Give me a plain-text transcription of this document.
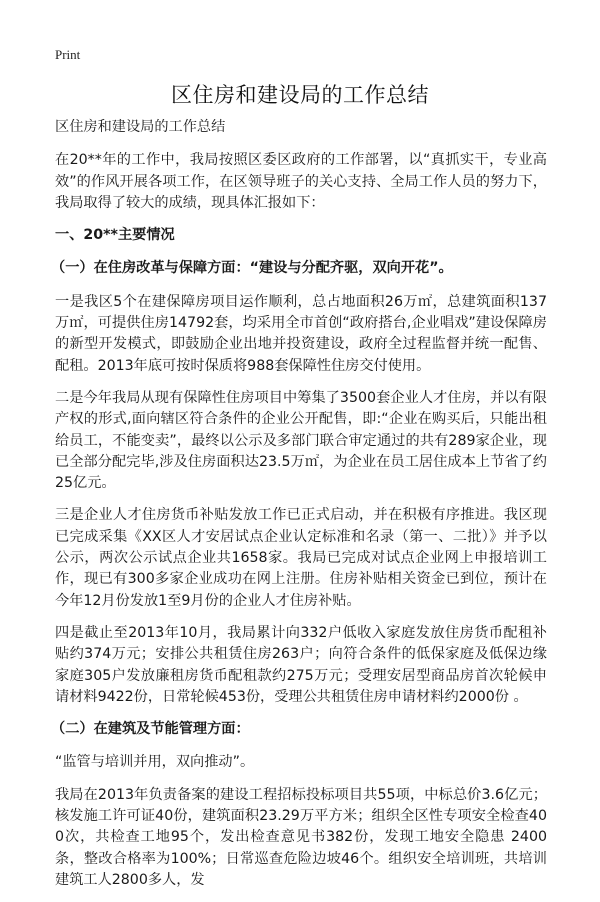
Print
区住房和建设局的工作总结

区住房和建设局的工作总结

在20**年的工作中，我局按照区委区政府的工作部署，以“真抓实干，专业高效”的作风开展各项工作，在区领导班子的关心支持、全局工作人员的努力下，我局取得了较大的成绩，现具体汇报如下：

一、20**主要情况

（一）在住房改革与保障方面：“建设与分配齐驱，双向开花”。

一是我区5个在建保障房项目运作顺利，总占地面积26万㎡，总建筑面积137万㎡，可提供住房14792套，均采用全市首创“政府搭台,企业唱戏”建设保障房的新型开发模式，即鼓励企业出地并投资建设，政府全过程监督并统一配售、配租。2013年底可按时保质将988套保障性住房交付使用。

二是今年我局从现有保障性住房项目中筹集了3500套企业人才住房，并以有限产权的形式,面向辖区符合条件的企业公开配售，即:“企业在购买后，只能出租给员工，不能变卖”，最终以公示及多部门联合审定通过的共有289家企业，现已全部分配完毕,涉及住房面积达23.5万㎡，为企业在员工居住成本上节省了约25亿元。

三是企业人才住房货币补贴发放工作已正式启动，并在积极有序推进。我区现已完成采集《XX区人才安居试点企业认定标准和名录（第一、二批）》并予以公示，两次公示试点企业共1658家。我局已完成对试点企业网上申报培训工作，现已有300多家企业成功在网上注册。住房补贴相关资金已到位，预计在今年12月份发放1至9月份的企业人才住房补贴。

四是截止至2013年10月，我局累计向332户低收入家庭发放住房货币配租补贴约374万元；安排公共租赁住房263户；向符合条件的低保家庭及低保边缘家庭305户发放廉租房货币配租款约275万元；受理安居型商品房首次轮候申请材料9422份，日常轮候453份，受理公共租赁住房申请材料约2000份 。

（二）在建筑及节能管理方面：

“监管与培训并用，双向推动”。

我局在2013年负责备案的建设工程招标投标项目共55项，中标总价3.6亿元；核发施工许可证40份，建筑面积23.29万平方米；组织全区性专项安全检查400次，共检查工地95个，发出检查意见书382份，发现工地安全隐患 2400条，整改合格率为100%；日常巡查危险边坡46个。组织安全培训班，共培训建筑工人2800多人，发
